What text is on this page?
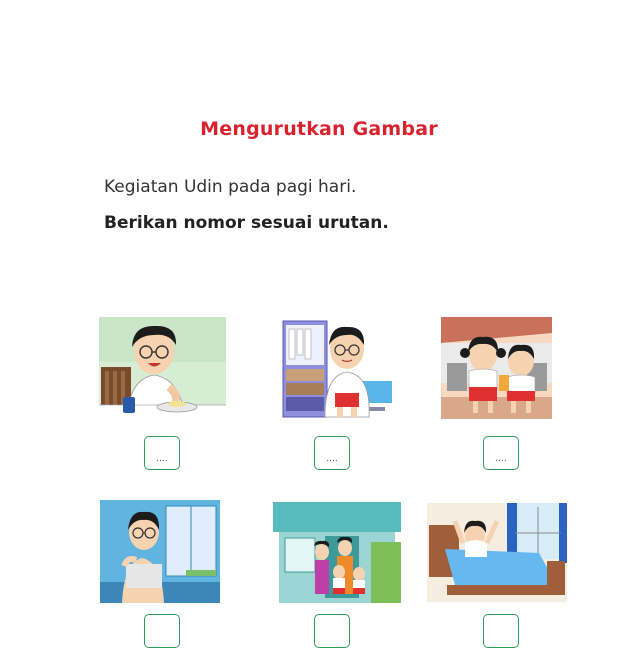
Mengurutkan Gambar
Kegiatan Udin pada pagi hari.
Berikan nomor sesuai urutan.
....	....	....
